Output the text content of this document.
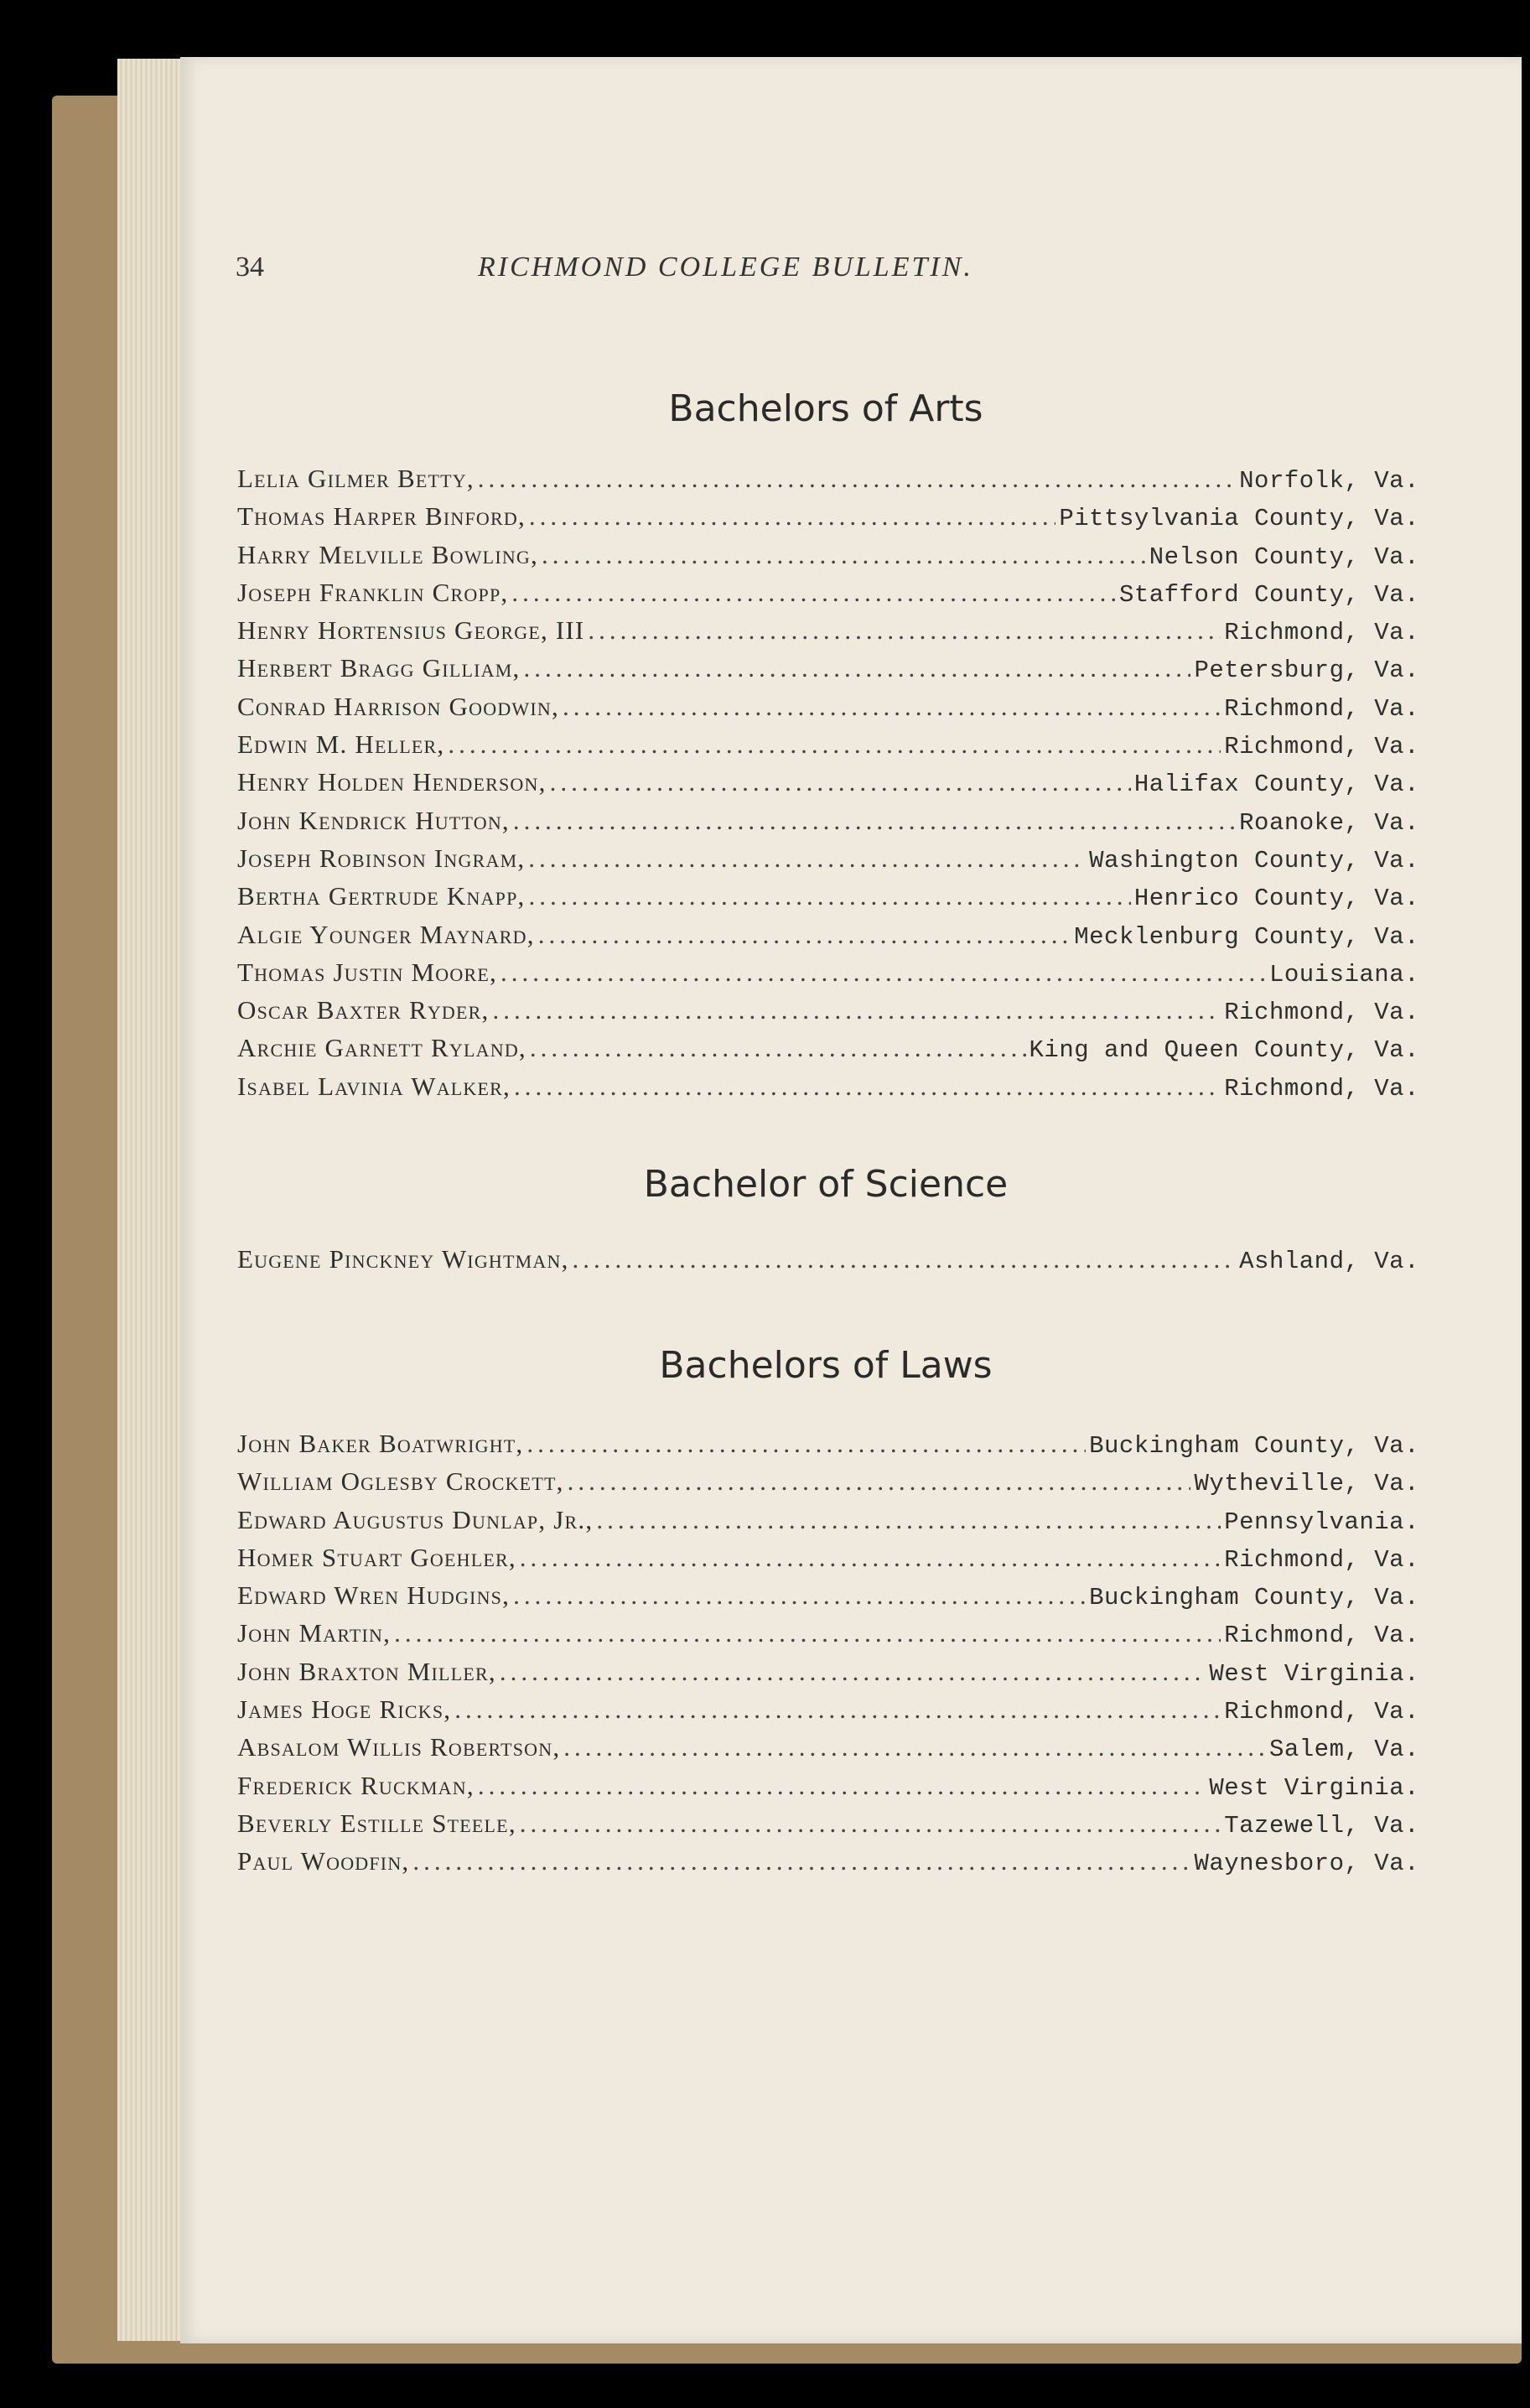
34	RICHMOND COLLEGE BULLETIN.
Bachelors of Arts
Lelia Gilmer Betty, .....	Norfolk, Va.
Thomas Harper Binford, .....	Pittsylvania County, Va.
Harry Melville Bowling, .....	Nelson County, Va.
Joseph Franklin Cropp, .....	Stafford County, Va.
Henry Hortensius George, III .....	Richmond, Va.
Herbert Bragg Gilliam, .....	Petersburg, Va.
Conrad Harrison Goodwin, .....	Richmond, Va.
Edwin M. Heller, .....	Richmond, Va.
Henry Holden Henderson, .....	Halifax County, Va.
John Kendrick Hutton, .....	Roanoke, Va.
Joseph Robinson Ingram, .....	Washington County, Va.
Bertha Gertrude Knapp, .....	Henrico County, Va.
Algie Younger Maynard, .....	Mecklenburg County, Va.
Thomas Justin Moore, .....	Louisiana.
Oscar Baxter Ryder, .....	Richmond, Va.
Archie Garnett Ryland, .....	King and Queen County, Va.
Isabel Lavinia Walker, .....	Richmond, Va.
Bachelor of Science
Eugene Pinckney Wightman, .....	Ashland, Va.
Bachelors of Laws
John Baker Boatwright, .....	Buckingham County, Va.
William Oglesby Crockett, .....	Wytheville, Va.
Edward Augustus Dunlap, Jr., .....	Pennsylvania.
Homer Stuart Goehler, .....	Richmond, Va.
Edward Wren Hudgins, .....	Buckingham County, Va.
John Martin, .....	Richmond, Va.
John Braxton Miller, .....	West Virginia.
James Hoge Ricks, .....	Richmond, Va.
Absalom Willis Robertson, .....	Salem, Va.
Frederick Ruckman, .....	West Virginia.
Beverly Estille Steele, .....	Tazewell, Va.
Paul Woodfin, .....	Waynesboro, Va.
